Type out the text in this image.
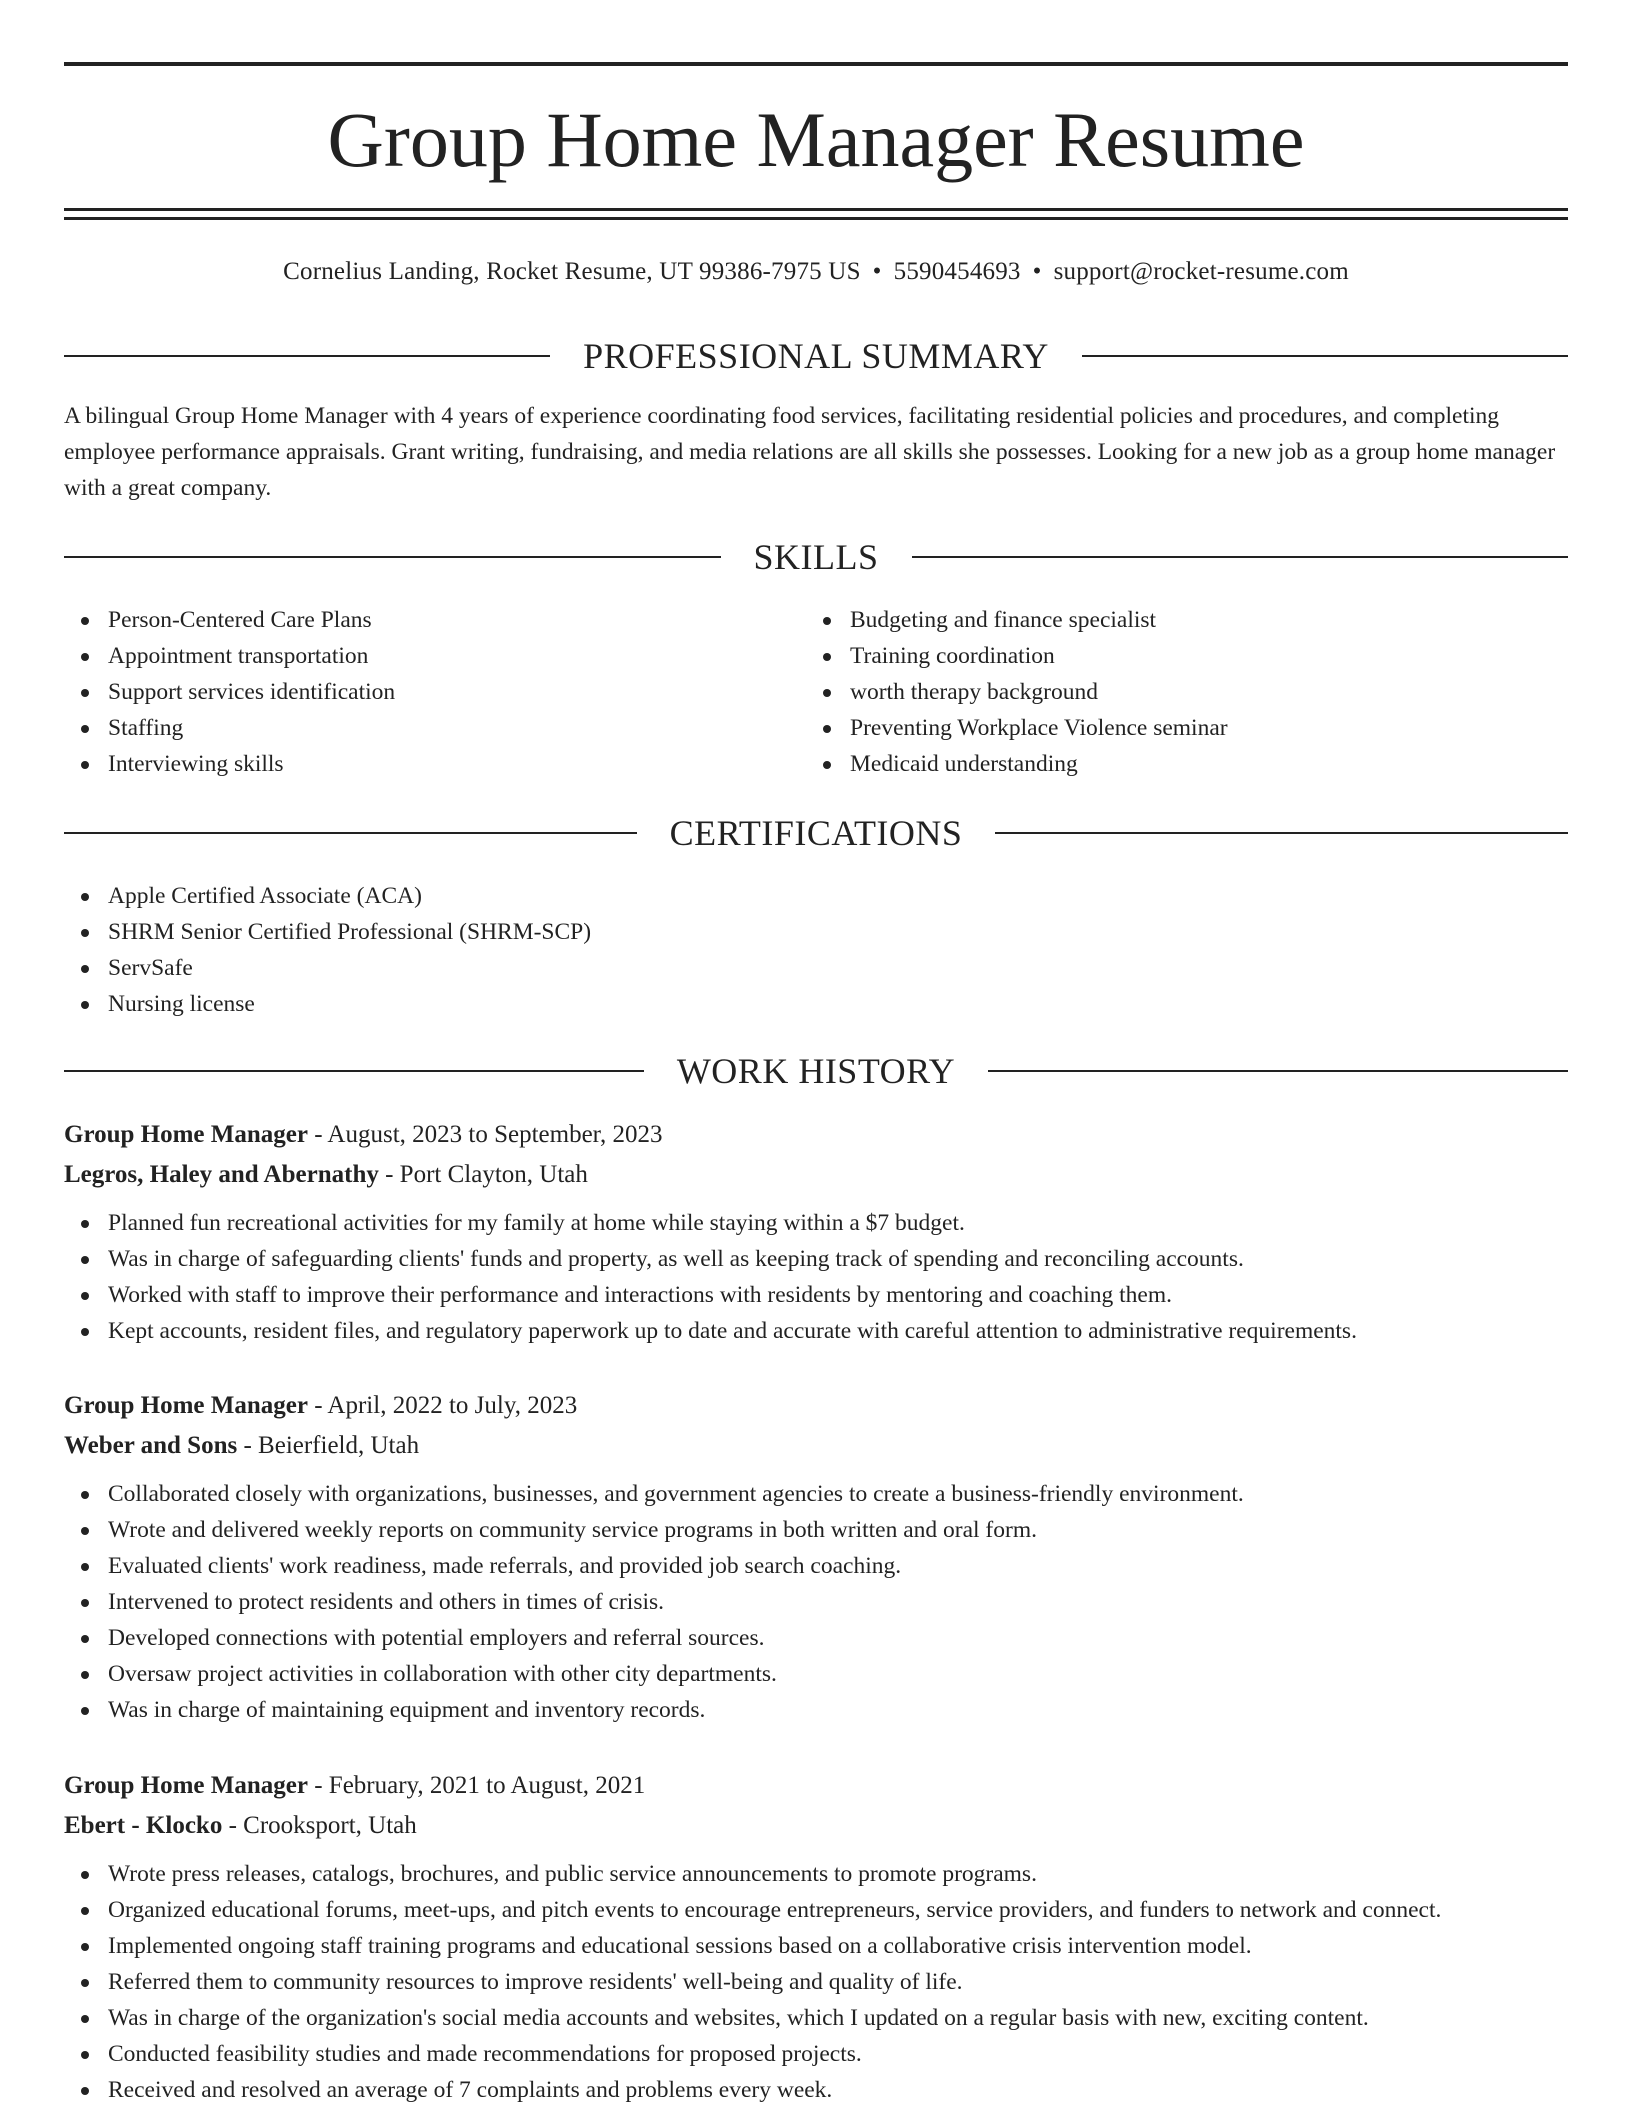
Group Home Manager Resume
Cornelius Landing, Rocket Resume, UT 99386-7975 US • 5590454693 • support@rocket-resume.com
PROFESSIONAL SUMMARY

A bilingual Group Home Manager with 4 years of experience coordinating food services, facilitating residential policies and procedures, and completing employee performance appraisals. Grant writing, fundraising, and media relations are all skills she possesses. Looking for a new job as a group home manager with a great company.

SKILLS
Person-Centered Care Plans
Appointment transportation
Support services identification
Staffing
Interviewing skills
Budgeting and finance specialist
Training coordination
worth therapy background
Preventing Workplace Violence seminar
Medicaid understanding
CERTIFICATIONS
Apple Certified Associate (ACA)
SHRM Senior Certified Professional (SHRM-SCP)
ServSafe
Nursing license
WORK HISTORY
Group Home Manager - August, 2023 to September, 2023
Legros, Haley and Abernathy - Port Clayton, Utah
Planned fun recreational activities for my family at home while staying within a $7 budget.
Was in charge of safeguarding clients' funds and property, as well as keeping track of spending and reconciling accounts.
Worked with staff to improve their performance and interactions with residents by mentoring and coaching them.
Kept accounts, resident files, and regulatory paperwork up to date and accurate with careful attention to administrative requirements.
Group Home Manager - April, 2022 to July, 2023
Weber and Sons - Beierfield, Utah
Collaborated closely with organizations, businesses, and government agencies to create a business-friendly environment.
Wrote and delivered weekly reports on community service programs in both written and oral form.
Evaluated clients' work readiness, made referrals, and provided job search coaching.
Intervened to protect residents and others in times of crisis.
Developed connections with potential employers and referral sources.
Oversaw project activities in collaboration with other city departments.
Was in charge of maintaining equipment and inventory records.
Group Home Manager - February, 2021 to August, 2021
Ebert - Klocko - Crooksport, Utah
Wrote press releases, catalogs, brochures, and public service announcements to promote programs.
Organized educational forums, meet-ups, and pitch events to encourage entrepreneurs, service providers, and funders to network and connect.
Implemented ongoing staff training programs and educational sessions based on a collaborative crisis intervention model.
Referred them to community resources to improve residents' well-being and quality of life.
Was in charge of the organization's social media accounts and websites, which I updated on a regular basis with new, exciting content.
Conducted feasibility studies and made recommendations for proposed projects.
Received and resolved an average of 7 complaints and problems every week.
